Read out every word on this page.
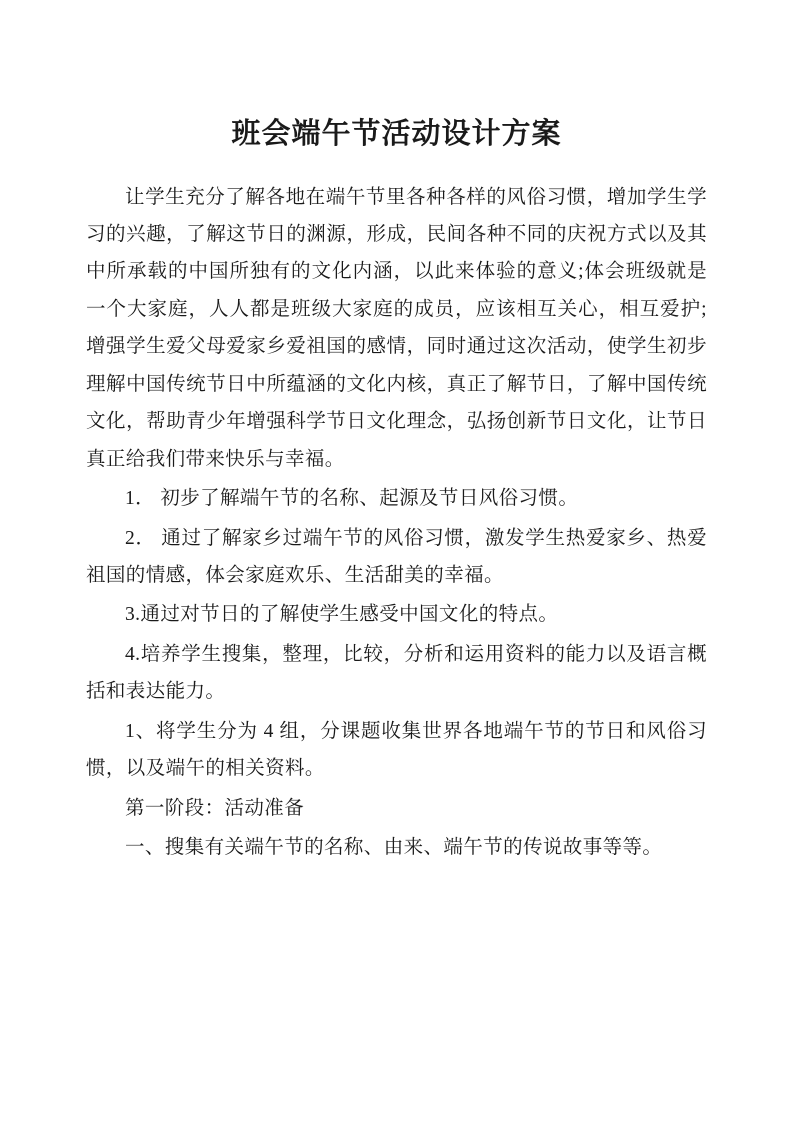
班会端午节活动设计方案

让学生充分了解各地在端午节里各种各样的风俗习惯，增加学生学习的兴趣，了解这节日的渊源，形成，民间各种不同的庆祝方式以及其中所承载的中国所独有的文化内涵，以此来体验的意义;体会班级就是一个大家庭，人人都是班级大家庭的成员，应该相互关心，相互爱护;增强学生爱父母爱家乡爱祖国的感情，同时通过这次活动，使学生初步理解中国传统节日中所蕴涵的文化内核，真正了解节日，了解中国传统文化，帮助青少年增强科学节日文化理念，弘扬创新节日文化，让节日真正给我们带来快乐与幸福。

1． 初步了解端午节的名称、起源及节日风俗习惯。

2． 通过了解家乡过端午节的风俗习惯，激发学生热爱家乡、热爱祖国的情感，体会家庭欢乐、生活甜美的幸福。

3.通过对节日的了解使学生感受中国文化的特点。

4.培养学生搜集，整理，比较，分析和运用资料的能力以及语言概括和表达能力。

1、将学生分为 4 组，分课题收集世界各地端午节的节日和风俗习惯，以及端午的相关资料。

第一阶段：活动准备

一、搜集有关端午节的名称、由来、端午节的传说故事等等。
